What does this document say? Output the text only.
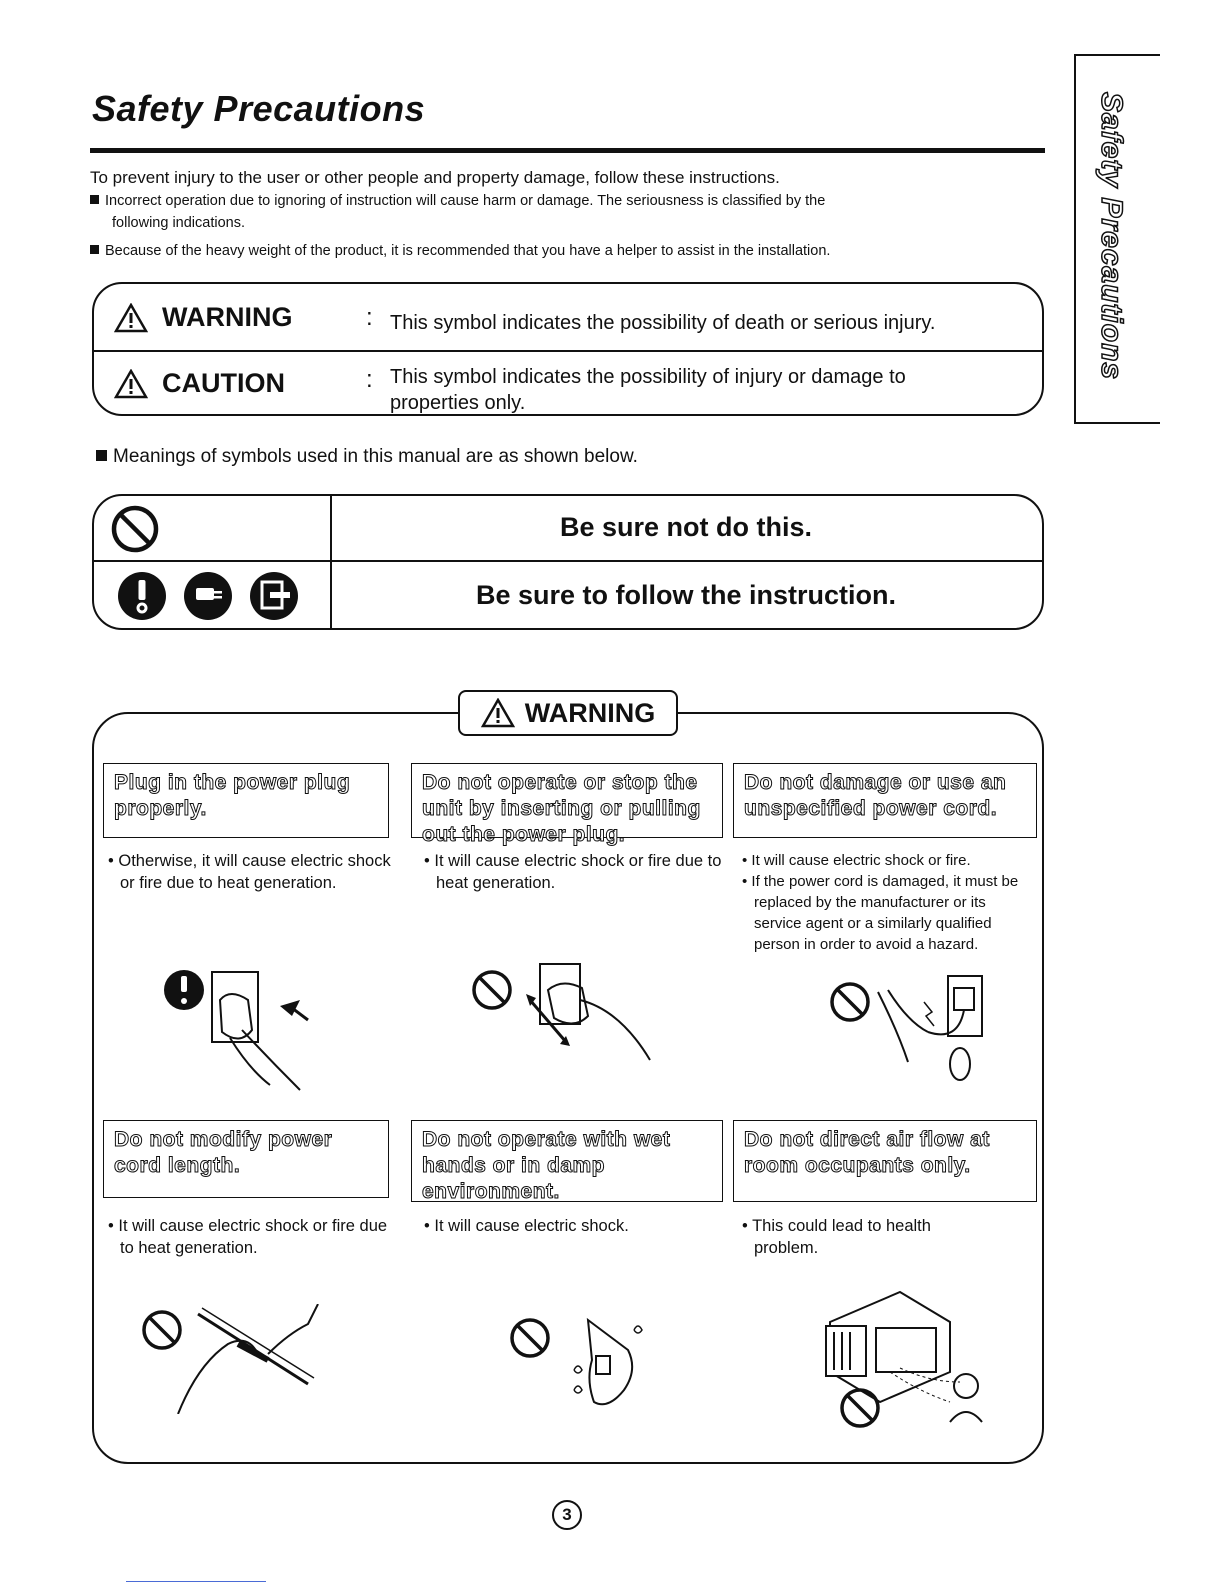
Safety Precautions	Safety Precautions
To prevent injury to the user or other people and property damage, follow these instructions.
Incorrect operation due to ignoring of instruction will cause harm or damage. The seriousness is classified by the
following indications.
Because of the heavy weight of the product, it is recommended that you have a helper to assist in the installation.
WARNING	: This symbol indicates the possibility of death or serious injury.
CAUTION	: This symbol indicates the possibility of injury or damage to properties only.
Meanings of symbols used in this manual are as shown below.
Be sure not do this.
Be sure to follow the instruction.
WARNING
Plug in the power plug properly.
• Otherwise, it will cause electric shock or fire due to heat generation.
Do not operate or stop the unit by inserting or pulling out the power plug.
• It will cause electric shock or fire due to heat generation.
Do not damage or use an unspecified power cord.
• It will cause electric shock or fire.
• If the power cord is damaged, it must be replaced by the manufacturer or its service agent or a similarly qualified person in order to avoid a hazard.
Do not modify power cord length.
• It will cause electric shock or fire due to heat generation.
Do not operate with wet hands or in damp environment.
• It will cause electric shock.
Do not direct air flow at room occupants only.
• This could lead to health problem.
3
